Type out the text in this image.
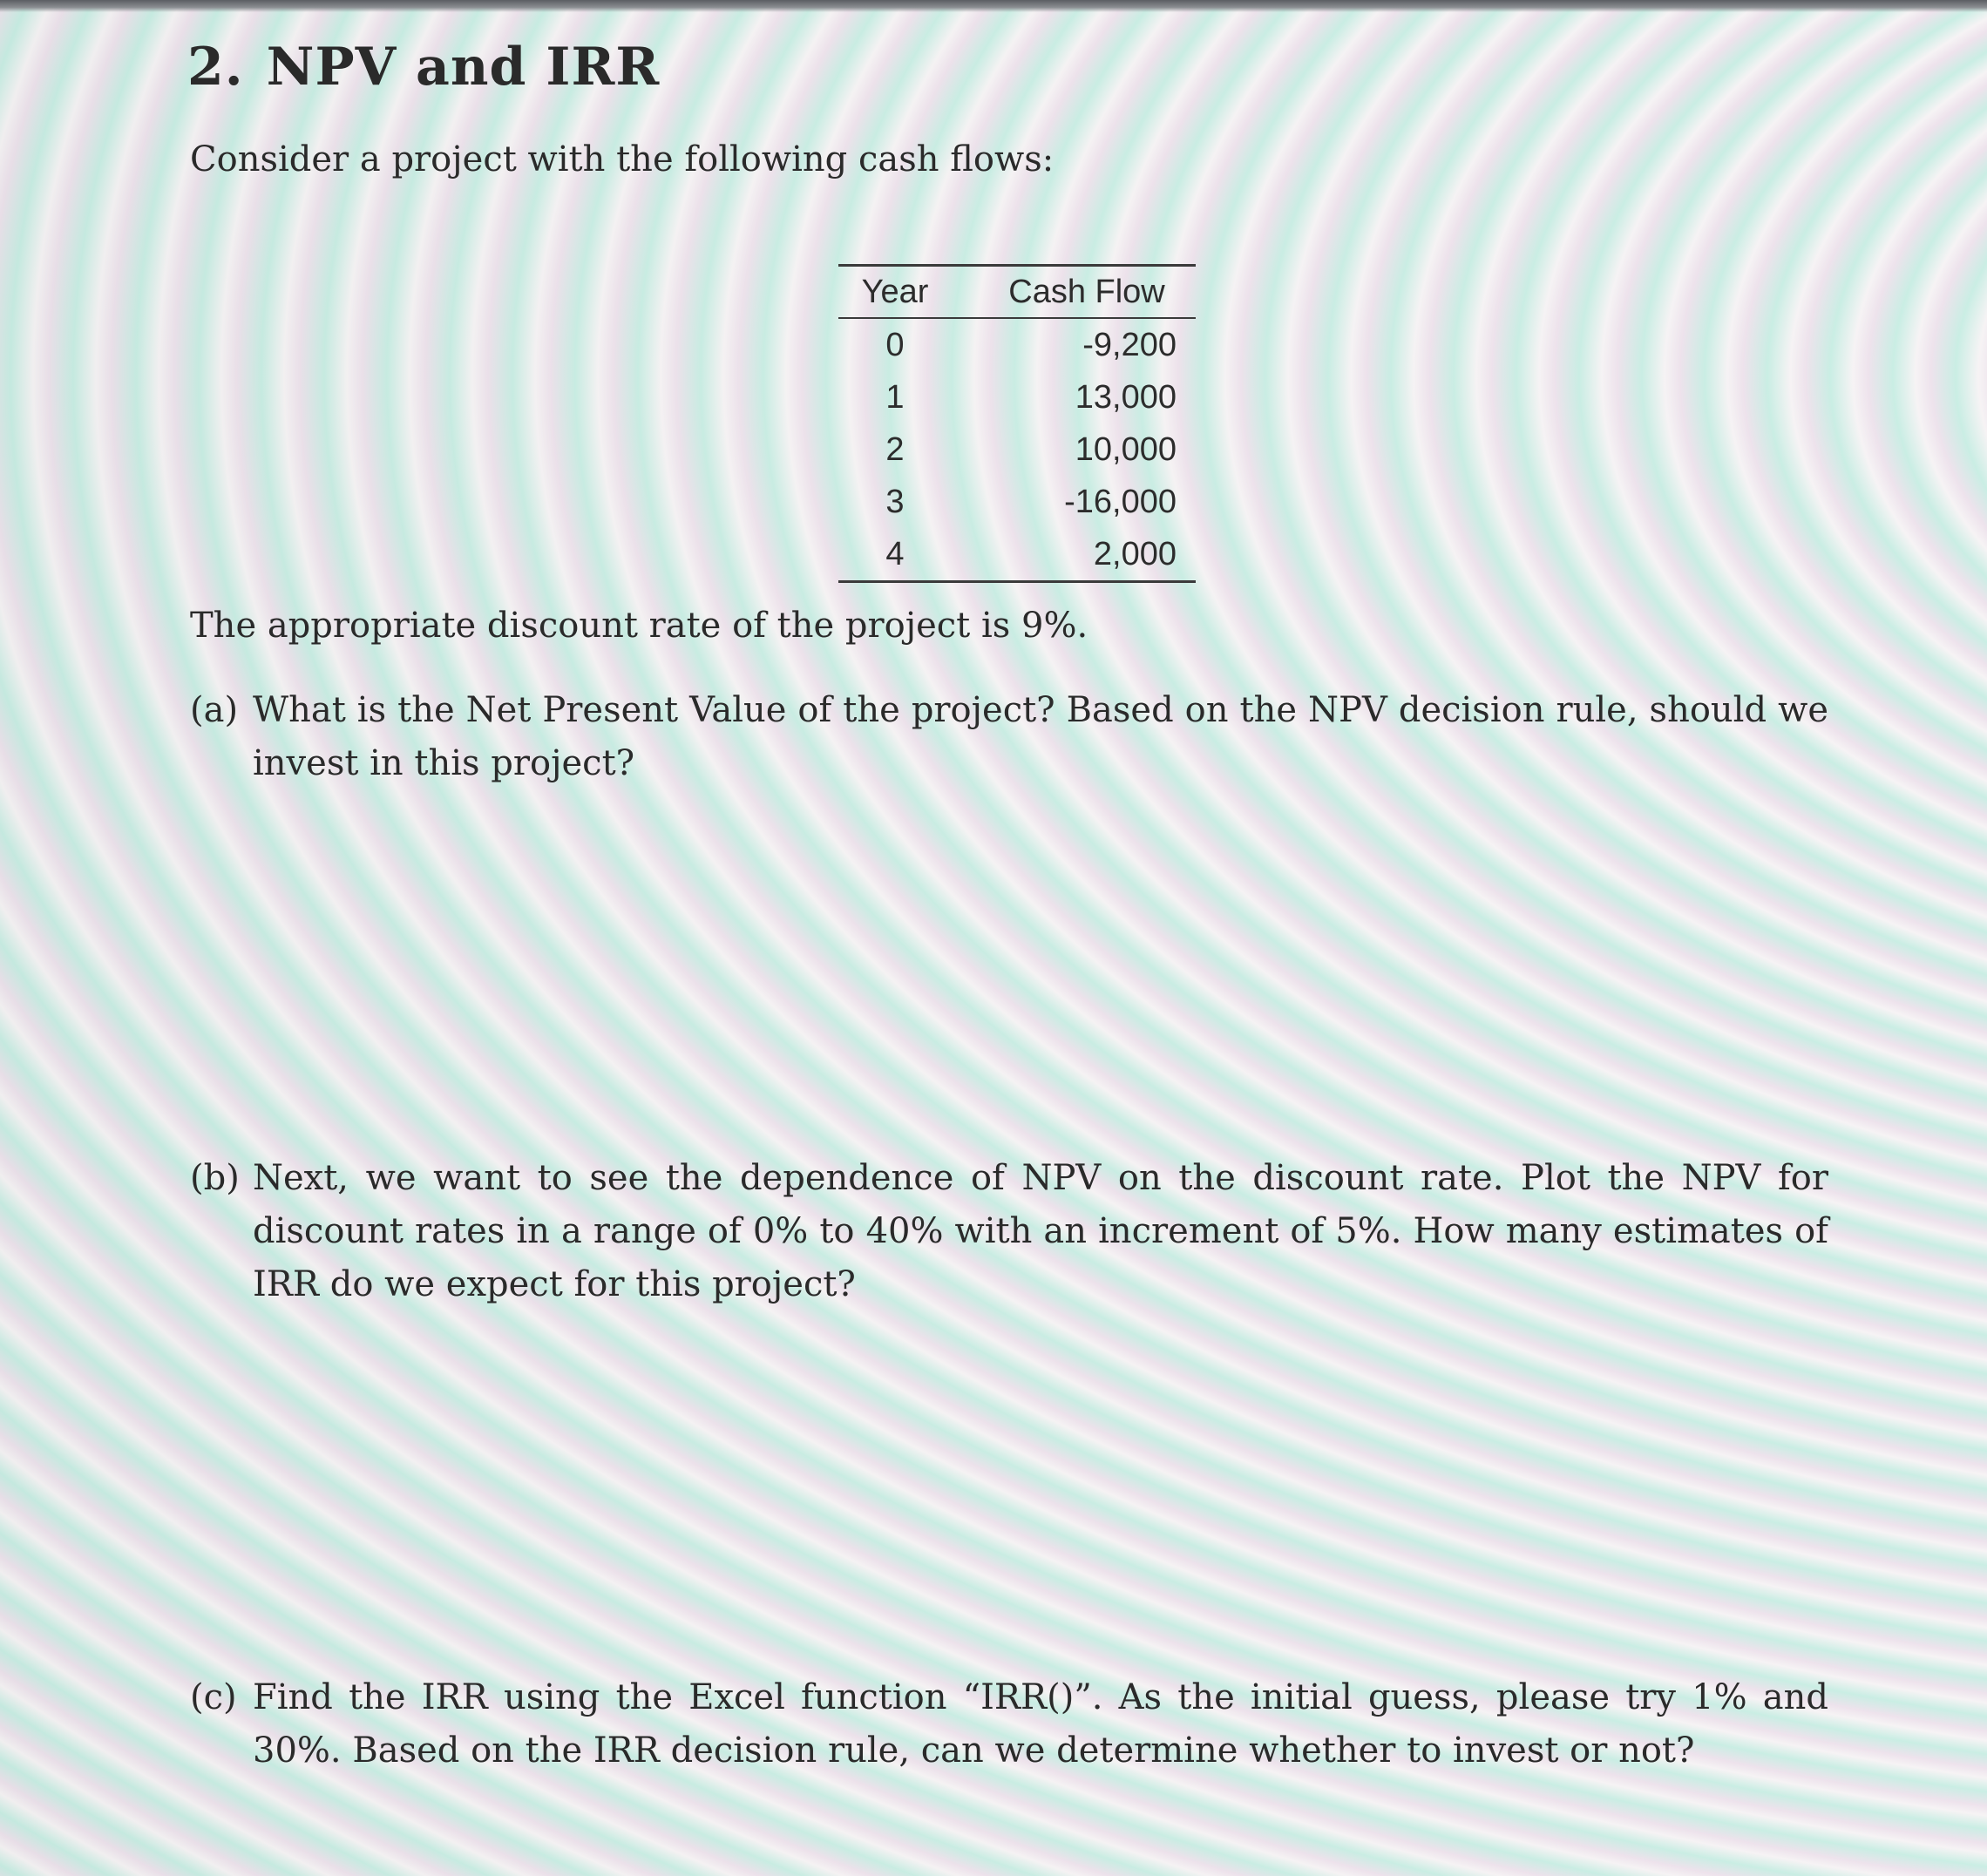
2. NPV and IRR

Consider a project with the following cash flows:

Year	Cash Flow
0	-9,200
1	13,000
2	10,000
3	-16,000
4	2,000

The appropriate discount rate of the project is 9%.

(a) What is the Net Present Value of the project? Based on the NPV decision rule, should we invest in this project?
(b) Next, we want to see the dependence of NPV on the discount rate. Plot the NPV for discount rates in a range of 0% to 40% with an increment of 5%. How many estimates of IRR do we expect for this project?
(c) Find the IRR using the Excel function “IRR()”. As the initial guess, please try 1% and 30%. Based on the IRR decision rule, can we determine whether to invest or not?
